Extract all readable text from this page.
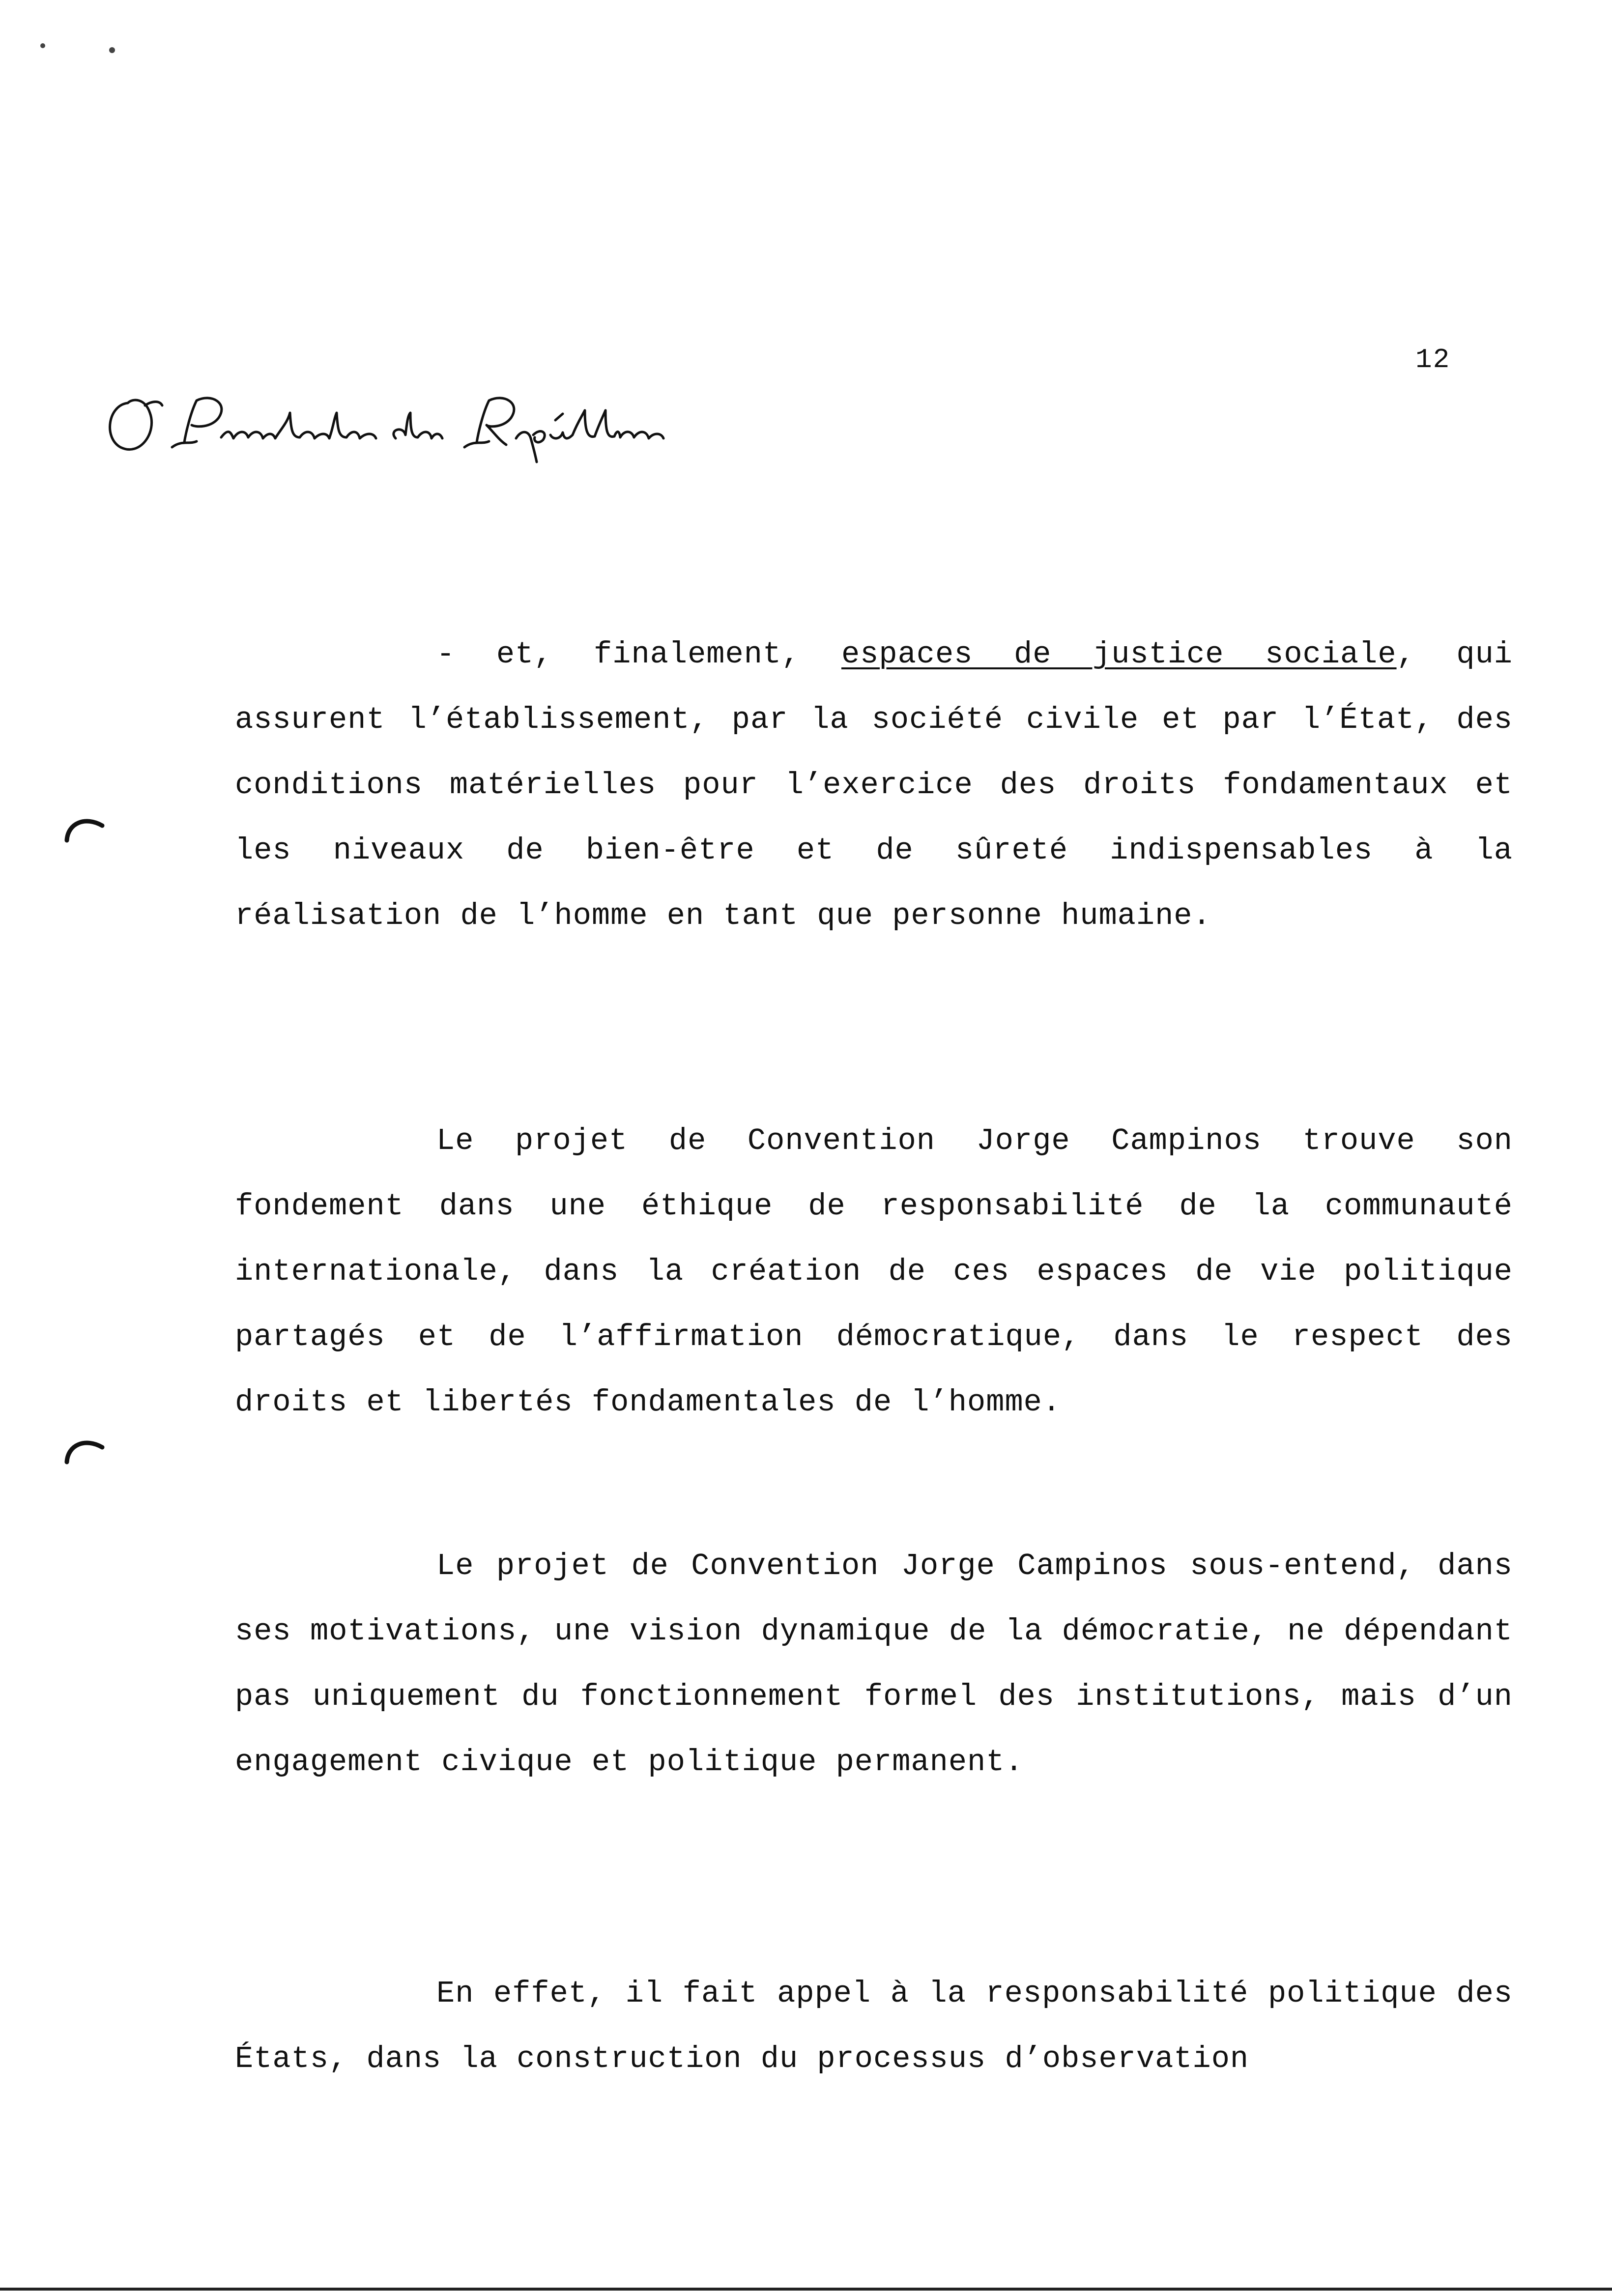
12
- et, finalement, espaces de justice sociale, qui assurent l’établissement, par la société civile et par l’État, des conditions matérielles pour l’exercice des droits fondamentaux et les niveaux de bien-être et de sûreté indispensables à la réalisation de l’homme en tant que personne humaine.
Le projet de Convention Jorge Campinos trouve son fondement dans une éthique de responsabilité de la communauté internationale, dans la création de ces espaces de vie politique partagés et de l’affirmation démocratique, dans le respect des droits et libertés fondamentales de l’homme.
Le projet de Convention Jorge Campinos sous-entend, dans ses motivations, une vision dynamique de la démocratie, ne dépendant pas uniquement du fonctionnement formel des institutions, mais d’un engagement civique et politique permanent.
En effet, il fait appel à la responsabilité politique des États, dans la construction du processus d’observation
